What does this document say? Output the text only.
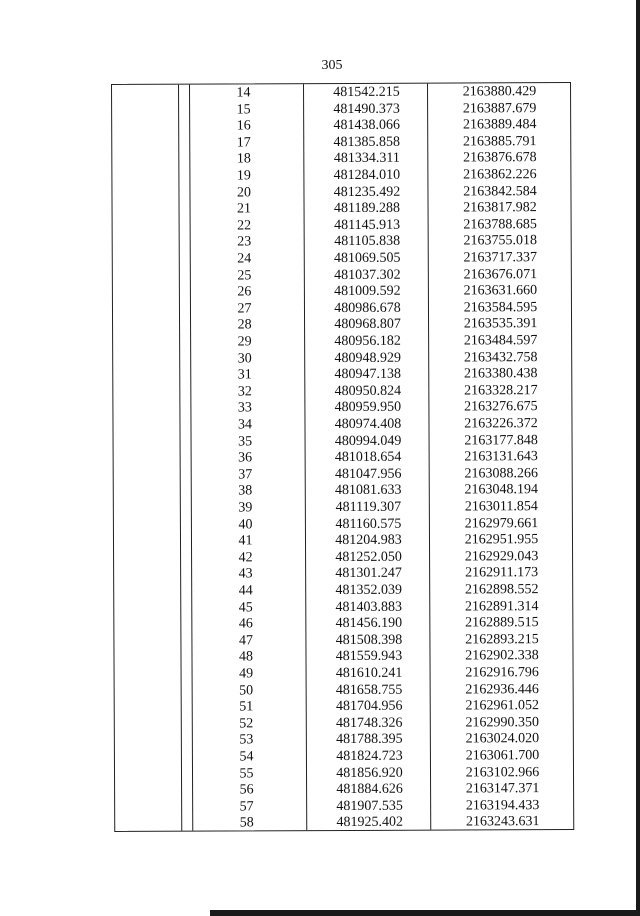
305
14	481542.215	2163880.429
15	481490.373	2163887.679
16	481438.066	2163889.484
17	481385.858	2163885.791
18	481334.311	2163876.678
19	481284.010	2163862.226
20	481235.492	2163842.584
21	481189.288	2163817.982
22	481145.913	2163788.685
23	481105.838	2163755.018
24	481069.505	2163717.337
25	481037.302	2163676.071
26	481009.592	2163631.660
27	480986.678	2163584.595
28	480968.807	2163535.391
29	480956.182	2163484.597
30	480948.929	2163432.758
31	480947.138	2163380.438
32	480950.824	2163328.217
33	480959.950	2163276.675
34	480974.408	2163226.372
35	480994.049	2163177.848
36	481018.654	2163131.643
37	481047.956	2163088.266
38	481081.633	2163048.194
39	481119.307	2163011.854
40	481160.575	2162979.661
41	481204.983	2162951.955
42	481252.050	2162929.043
43	481301.247	2162911.173
44	481352.039	2162898.552
45	481403.883	2162891.314
46	481456.190	2162889.515
47	481508.398	2162893.215
48	481559.943	2162902.338
49	481610.241	2162916.796
50	481658.755	2162936.446
51	481704.956	2162961.052
52	481748.326	2162990.350
53	481788.395	2163024.020
54	481824.723	2163061.700
55	481856.920	2163102.966
56	481884.626	2163147.371
57	481907.535	2163194.433
58	481925.402	2163243.631
